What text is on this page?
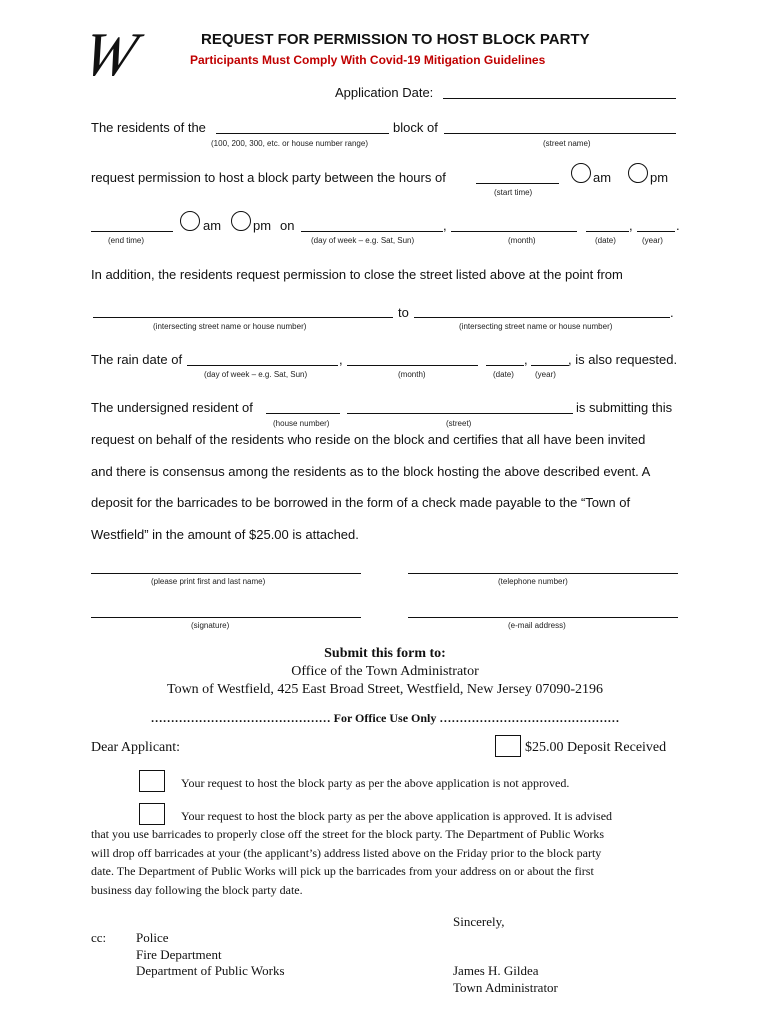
W	REQUEST FOR PERMISSION TO HOST BLOCK PARTY
Participants Must Comply With Covid-19 Mitigation Guidelines
Application Date:
The residents of the	block of
(100, 200, 300, etc. or house number range)	(street name)
request permission to host a block party between the hours of	am	pm
(start time)
am pm on	,	,	.
(end time)	(day of week – e.g. Sat, Sun)	(month)	(date)	(year)
In addition, the residents request permission to close the street listed above at the point from
to	.
(intersecting street name or house number)	(intersecting street name or house number)
The rain date of	,	,	, is also requested.
(day of week – e.g. Sat, Sun)	(month)	(date)	(year)
The undersigned resident of	is submitting this
(house number)	(street)
request on behalf of the residents who reside on the block and certifies that all have been invited
and there is consensus among the residents as to the block hosting the above described event. A
deposit for the barricades to be borrowed in the form of a check made payable to the “Town of
Westfield” in the amount of $25.00 is attached.
(please print first and last name)	(telephone number)
(signature)	(e-mail address)
Submit this form to:
Office of the Town Administrator
Town of Westfield, 425 East Broad Street, Westfield, New Jersey 07090-2196
……………………………………… For Office Use Only ………………………………………
Dear Applicant:	$25.00 Deposit Received
Your request to host the block party as per the above application is not approved.
Your request to host the block party as per the above application is approved. It is advised
that you use barricades to properly close off the street for the block party. The Department of Public Works
will drop off barricades at your (the applicant’s) address listed above on the Friday prior to the block party
date. The Department of Public Works will pick up the barricades from your address on or about the first
business day following the block party date.
Sincerely,
cc: Police
Fire Department
Department of Public Works	James H. Gildea
Town Administrator
